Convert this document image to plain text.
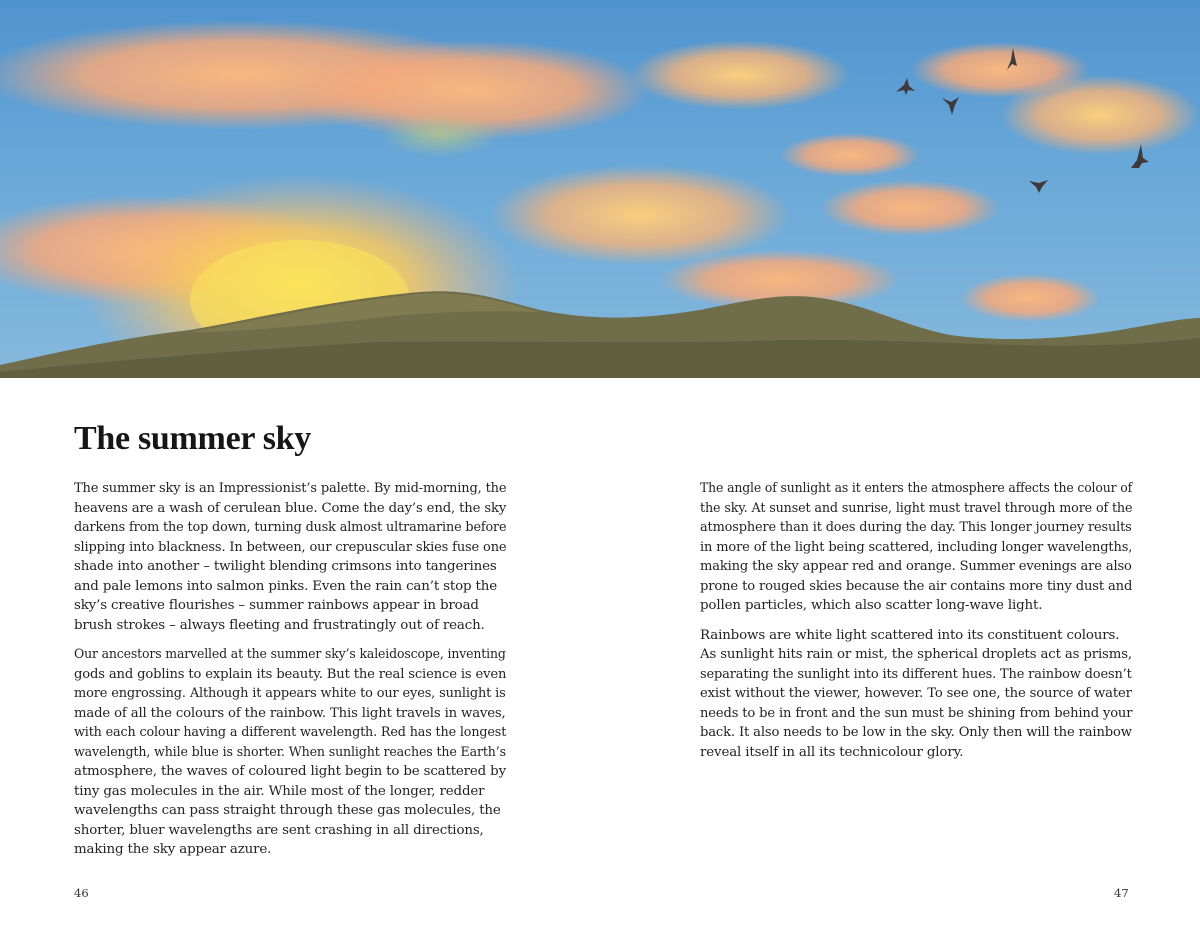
The summer sky

The summer sky is an Impressionist’s palette. By mid-morning, the
heavens are a wash of cerulean blue. Come the day’s end, the sky
darkens from the top down, turning dusk almost ultramarine before
slipping into blackness. In between, our crepuscular skies fuse one
shade into another – twilight blending crimsons into tangerines
and pale lemons into salmon pinks. Even the rain can’t stop the
sky’s creative flourishes – summer rainbows appear in broad
brush strokes – always fleeting and frustratingly out of reach.

Our ancestors marvelled at the summer sky’s kaleidoscope, inventing
gods and goblins to explain its beauty. But the real science is even
more engrossing. Although it appears white to our eyes, sunlight is
made of all the colours of the rainbow. This light travels in waves,
with each colour having a different wavelength. Red has the longest
wavelength, while blue is shorter. When sunlight reaches the Earth’s
atmosphere, the waves of coloured light begin to be scattered by
tiny gas molecules in the air. While most of the longer, redder
wavelengths can pass straight through these gas molecules, the
shorter, bluer wavelengths are sent crashing in all directions,
making the sky appear azure.

The angle of sunlight as it enters the atmosphere affects the colour of
the sky. At sunset and sunrise, light must travel through more of the
atmosphere than it does during the day. This longer journey results
in more of the light being scattered, including longer wavelengths,
making the sky appear red and orange. Summer evenings are also
prone to rouged skies because the air contains more tiny dust and
pollen particles, which also scatter long-wave light.

Rainbows are white light scattered into its constituent colours.
As sunlight hits rain or mist, the spherical droplets act as prisms,
separating the sunlight into its different hues. The rainbow doesn’t
exist without the viewer, however. To see one, the source of water
needs to be in front and the sun must be shining from behind your
back. It also needs to be low in the sky. Only then will the rainbow
reveal itself in all its technicolour glory.

46	47
